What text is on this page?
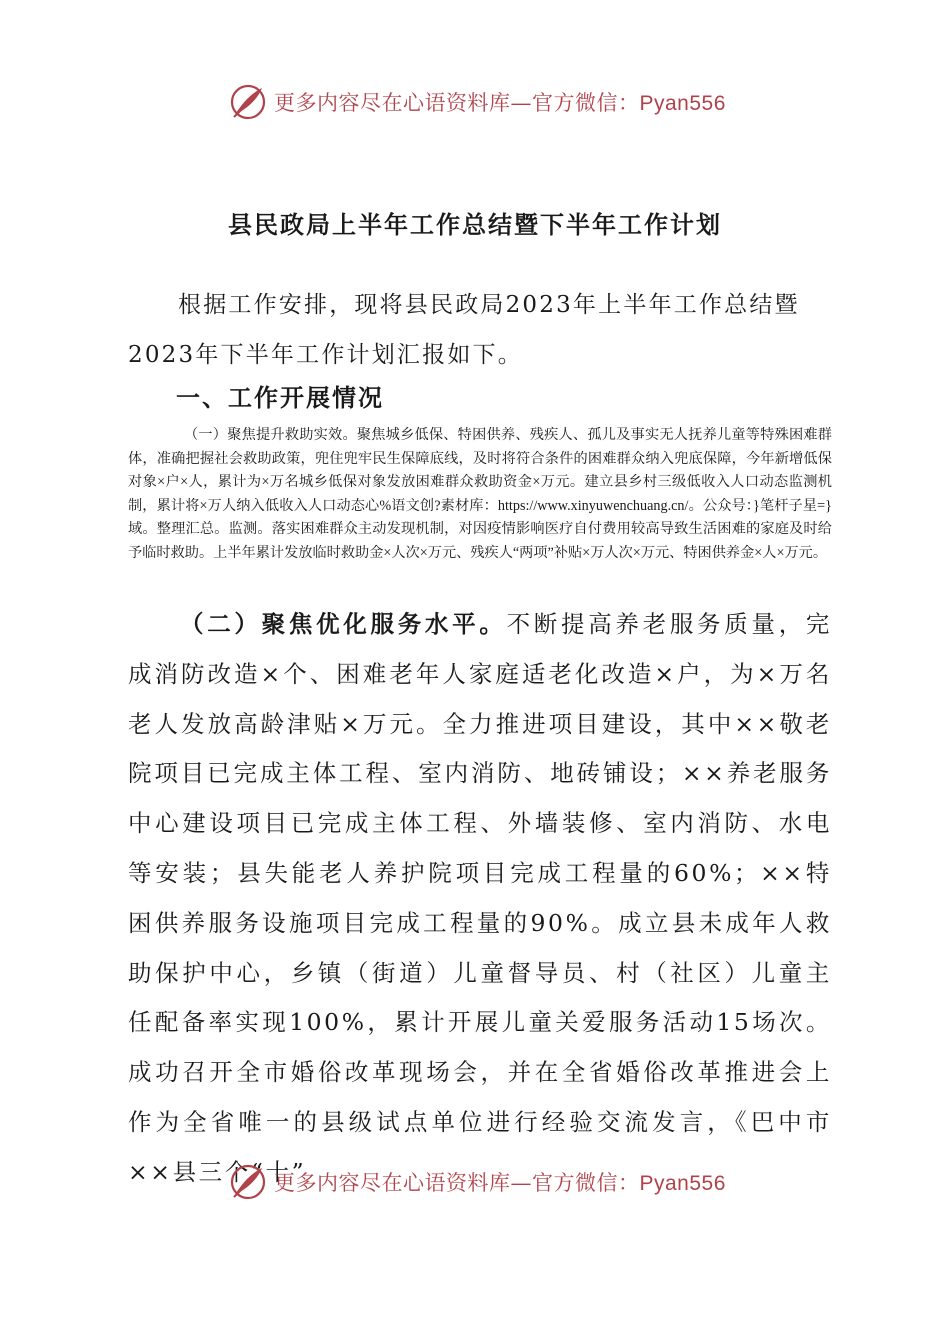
更多内容尽在心语资料库—官方微信：Pyan556
县民政局上半年工作总结暨下半年工作计划

根据工作安排，现将县民政局2023年上半年工作总结暨2023年下半年工作计划汇报如下。

一、工作开展情况

（一）聚焦提升救助实效。聚焦城乡低保、特困供养、残疾人、孤儿及事实无人抚养儿童等特殊困难群体，准确把握社会救助政策，兜住兜牢民生保障底线，及时将符合条件的困难群众纳入兜底保障，今年新增低保对象×户×人，累计为×万名城乡低保对象发放困难群众救助资金×万元。建立县乡村三级低收入人口动态监测机制，累计将×万人纳入低收入人口动态心%语文创?素材库：https://www.xinyuwenchuang.cn/。公众号：}笔杆子星=}域。整理汇总。监测。落实困难群众主动发现机制，对因疫情影响医疗自付费用较高导致生活困难的家庭及时给予临时救助。上半年累计发放临时救助金×人次×万元、残疾人“两项”补贴×万人次×万元、特困供养金×人×万元。

（二）聚焦优化服务水平。不断提高养老服务质量，完成消防改造×个、困难老年人家庭适老化改造×户，为×万名老人发放高龄津贴×万元。全力推进项目建设，其中××敬老院项目已完成主体工程、室内消防、地砖铺设；××养老服务中心建设项目已完成主体工程、外墙装修、室内消防、水电等安装；县失能老人养护院项目完成工程量的60%；××特困供养服务设施项目完成工程量的90%。成立县未成年人救助保护中心，乡镇（街道）儿童督导员、村（社区）儿童主任配备率实现100%，累计开展儿童关爱服务活动15场次。成功召开全市婚俗改革现场会，并在全省婚俗改革推进会上作为全省唯一的县级试点单位进行经验交流发言，《巴中市××县三个“十”

更多内容尽在心语资料库—官方微信：Pyan556
